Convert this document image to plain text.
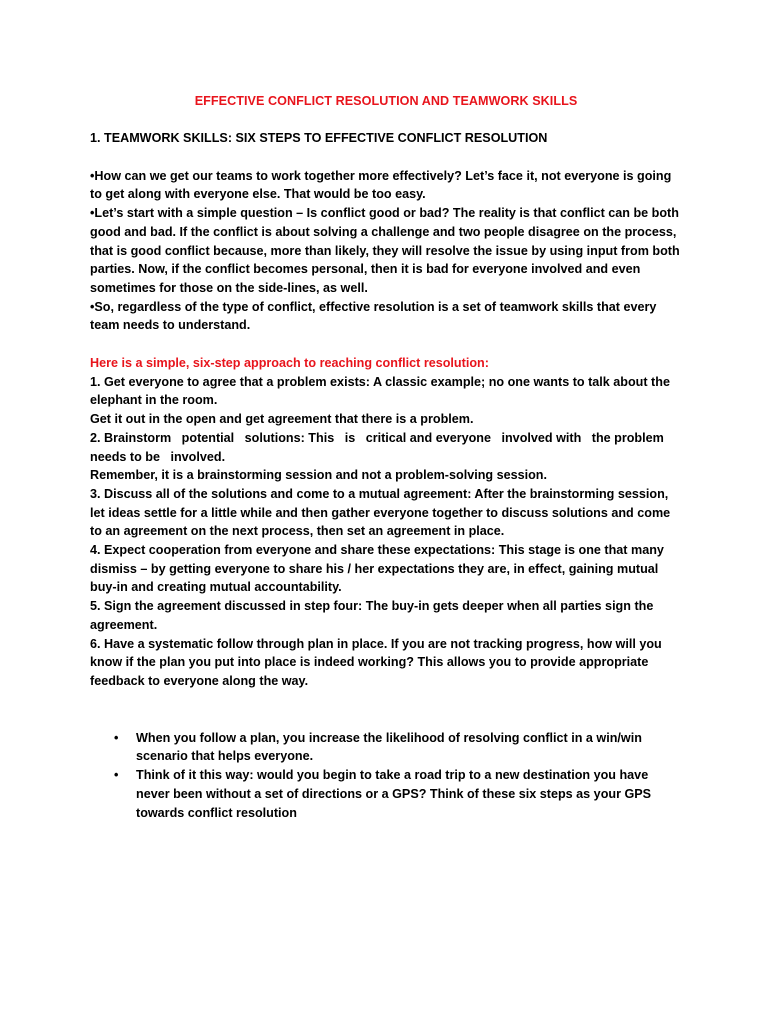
EFFECTIVE CONFLICT RESOLUTION AND TEAMWORK SKILLS

1. TEAMWORK SKILLS: SIX STEPS TO EFFECTIVE CONFLICT RESOLUTION

•How can we get our teams to work together more effectively? Let’s face it, not everyone is going to get along with everyone else. That would be too easy.

•Let’s start with a simple question – Is conflict good or bad? The reality is that conflict can be both good and bad. If the conflict is about solving a challenge and two people disagree on the process, that is good conflict because, more than likely, they will resolve the issue by using input from both parties. Now, if the conflict becomes personal, then it is bad for everyone involved and even sometimes for those on the side-lines, as well.

•So, regardless of the type of conflict, effective resolution is a set of teamwork skills that every team needs to understand.

Here is a simple, six-step approach to reaching conflict resolution:

1. Get everyone to agree that a problem exists: A classic example; no one wants to talk about the elephant in the room.

Get it out in the open and get agreement that there is a problem.

2. Brainstorm   potential   solutions: This   is   critical and everyone   involved with   the problem needs to be   involved.

Remember, it is a brainstorming session and not a problem-solving session.

3. Discuss all of the solutions and come to a mutual agreement: After the brainstorming session, let ideas settle for a little while and then gather everyone together to discuss solutions and come to an agreement on the next process, then set an agreement in place.

4. Expect cooperation from everyone and share these expectations: This stage is one that many dismiss – by getting everyone to share his / her expectations they are, in effect, gaining mutual buy-in and creating mutual accountability.

5. Sign the agreement discussed in step four: The buy-in gets deeper when all parties sign the agreement.

6. Have a systematic follow through plan in place. If you are not tracking progress, how will you know if the plan you put into place is indeed working? This allows you to provide appropriate feedback to everyone along the way.

• When you follow a plan, you increase the likelihood of resolving conflict in a win/win scenario that helps everyone.
• Think of it this way: would you begin to take a road trip to a new destination you have never been without a set of directions or a GPS? Think of these six steps as your GPS towards conflict resolution
